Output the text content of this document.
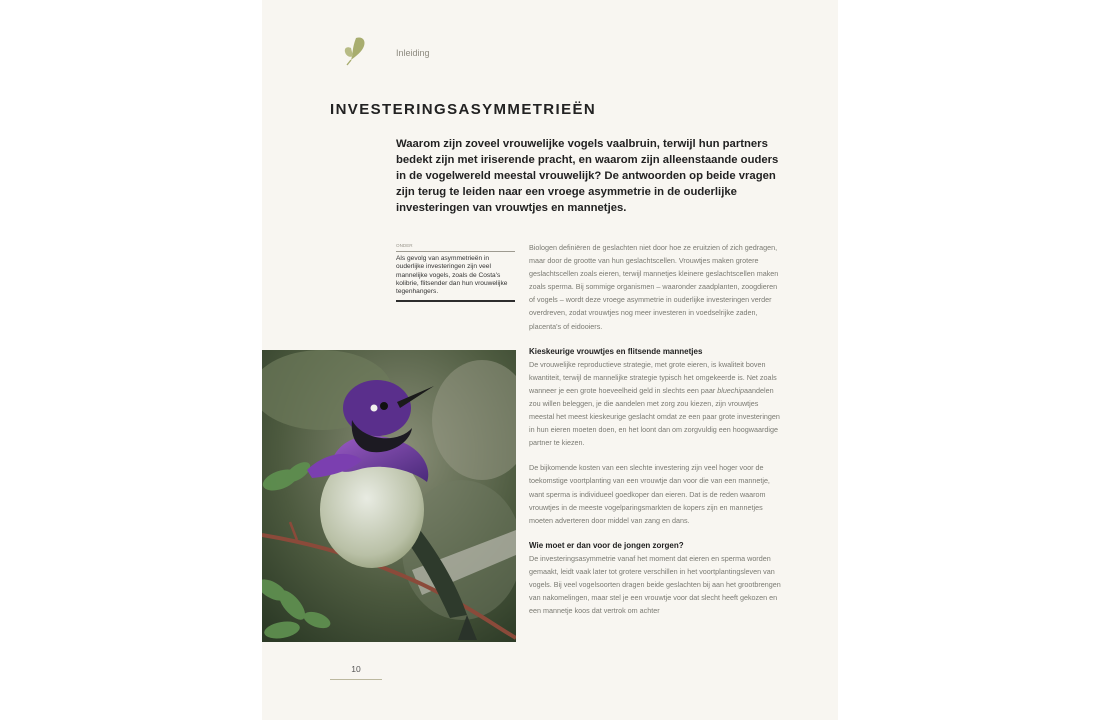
Inleiding
INVESTERINGSASYMMETRIEËN

Waarom zijn zoveel vrouwelijke vogels vaalbruin, terwijl hun partners bedekt zijn met iriserende pracht, en waarom zijn alleenstaande ouders in de vogelwereld meestal vrouwelijk? De antwoorden op beide vragen zijn terug te leiden naar een vroege asymmetrie in de ouderlijke investeringen van vrouwtjes en mannetjes.

ONDER
Als gevolg van asymmetrieën in ouderlijke investeringen zijn veel mannelijke vogels, zoals de Costa's kolibrie, flitsender dan hun vrouwelijke tegenhangers.

Biologen definiëren de geslachten niet door hoe ze eruitzien of zich gedragen, maar door de grootte van hun geslachtscellen. Vrouwtjes maken grotere geslachtscellen zoals eieren, terwijl mannetjes kleinere geslachtscellen maken zoals sperma. Bij sommige organismen – waaronder zaadplanten, zoogdieren of vogels – wordt deze vroege asymmetrie in ouderlijke investeringen verder overdreven, zodat vrouwtjes nog meer investeren in voedselrijke zaden, placenta's of eidooiers.

Kieskeurige vrouwtjes en flitsende mannetjes

De vrouwelijke reproductieve strategie, met grote eieren, is kwaliteit boven kwantiteit, terwijl de mannelijke strategie typisch het omgekeerde is. Net zoals wanneer je een grote hoeveelheid geld in slechts een paar bluechipaandelen zou willen beleggen, je die aandelen met zorg zou kiezen, zijn vrouwtjes meestal het meest kieskeurige geslacht omdat ze een paar grote investeringen in hun eieren moeten doen, en het loont dan om zorgvuldig een hoogwaardige partner te kiezen.

De bijkomende kosten van een slechte investering zijn veel hoger voor de toekomstige voortplanting van een vrouwtje dan voor die van een mannetje, want sperma is individueel goedkoper dan eieren. Dat is de reden waarom vrouwtjes in de meeste vogelparingsmarkten de kopers zijn en mannetjes moeten adverteren door middel van zang en dans.

Wie moet er dan voor de jongen zorgen?

De investeringsasymmetrie vanaf het moment dat eieren en sperma worden gemaakt, leidt vaak later tot grotere verschillen in het voortplantingsleven van vogels. Bij veel vogelsoorten dragen beide geslachten bij aan het grootbrengen van nakomelingen, maar stel je een vrouwtje voor dat slecht heeft gekozen en een mannetje koos dat vertrok om achter

10
